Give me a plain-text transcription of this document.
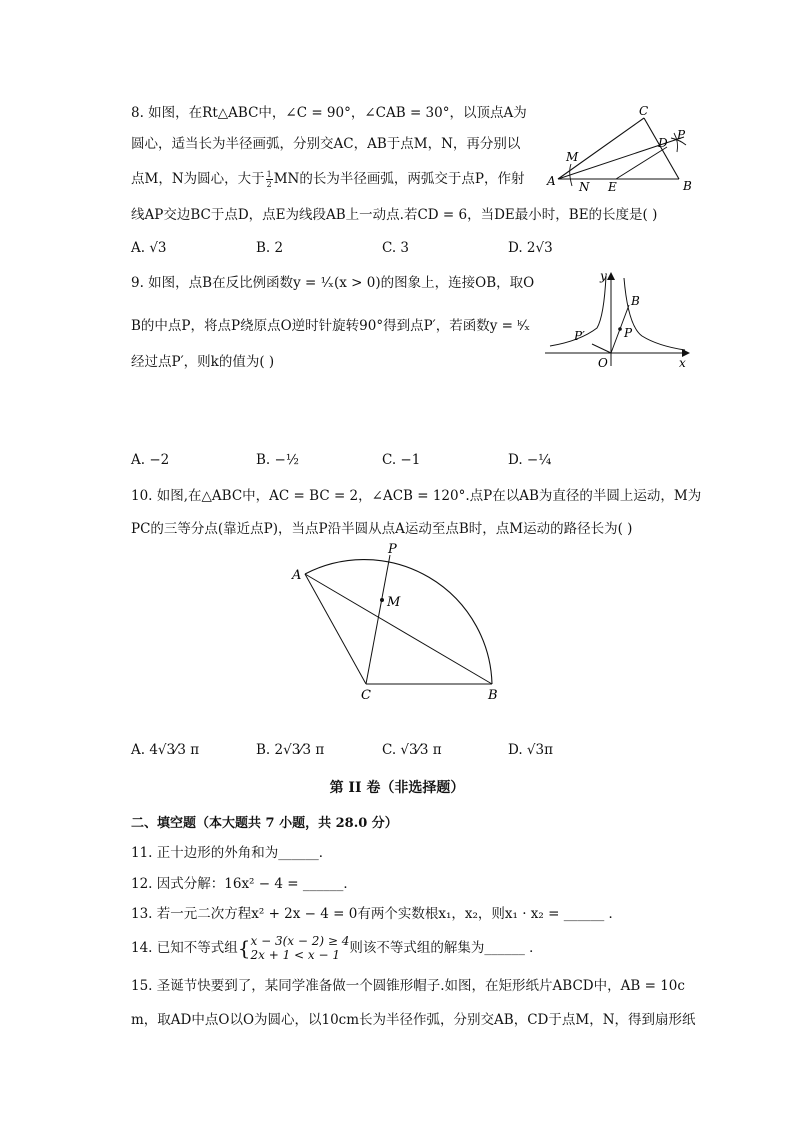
8. 如图，在Rt△ABC中，∠C = 90°，∠CAB = 30°，以顶点A为
圆心，适当长为半径画弧，分别交AC，AB于点M，N，再分别以
点M，N为圆心，大于 $\frac{1}{2}$ MN的长为半径画弧，两弧交于点P，作射
线AP交边BC于点D，点E为线段AB上一动点.若CD = 6，当DE最小时，BE的长度是( )
A. √3	B. 2	C. 3	D. 2√3
A	B
C
D
E
M
N
P
9. 如图，点B在反比例函数y = ¹⁄ₓ(x > 0)的图象上，连接OB，取O
B的中点P，将点P绕原点O逆时针旋转90°得到点P′，若函数y = ᵏ⁄ₓ
经过点P′，则k的值为( )
A. −2	B. −½	C. −1	D. −¼
y
x
O
B
P
P′
10. 如图,在△ABC中，AC = BC = 2，∠ACB = 120°.点P在以AB为直径的半圆上运动，M为
PC的三等分点(靠近点P)，当点P沿半圆从点A运动至点B时，点M运动的路径长为( )
A
B
C
P
M
A. 4√3⁄3 π	B. 2√3⁄3 π	C. √3⁄3 π	D. √3π
第 II 卷（非选择题）
二、填空题（本大题共 7 小题，共 28.0 分）
11. 正十边形的外角和为______．
12. 因式分解：16x² − 4 = ______．
13. 若一元二次方程x² + 2x − 4 = 0有两个实数根x₁，x₂，则x₁ · x₂ = ______ ．
14. 已知不等式组{ x − 3(x − 2) ≥ 4
2x + 1 < x − 1 则该不等式组的解集为______ ．
15. 圣诞节快要到了，某同学准备做一个圆锥形帽子.如图，在矩形纸片ABCD中，AB = 10c
m，取AD中点O以O为圆心，以10cm长为半径作弧，分别交AB，CD于点M，N，得到扇形纸
